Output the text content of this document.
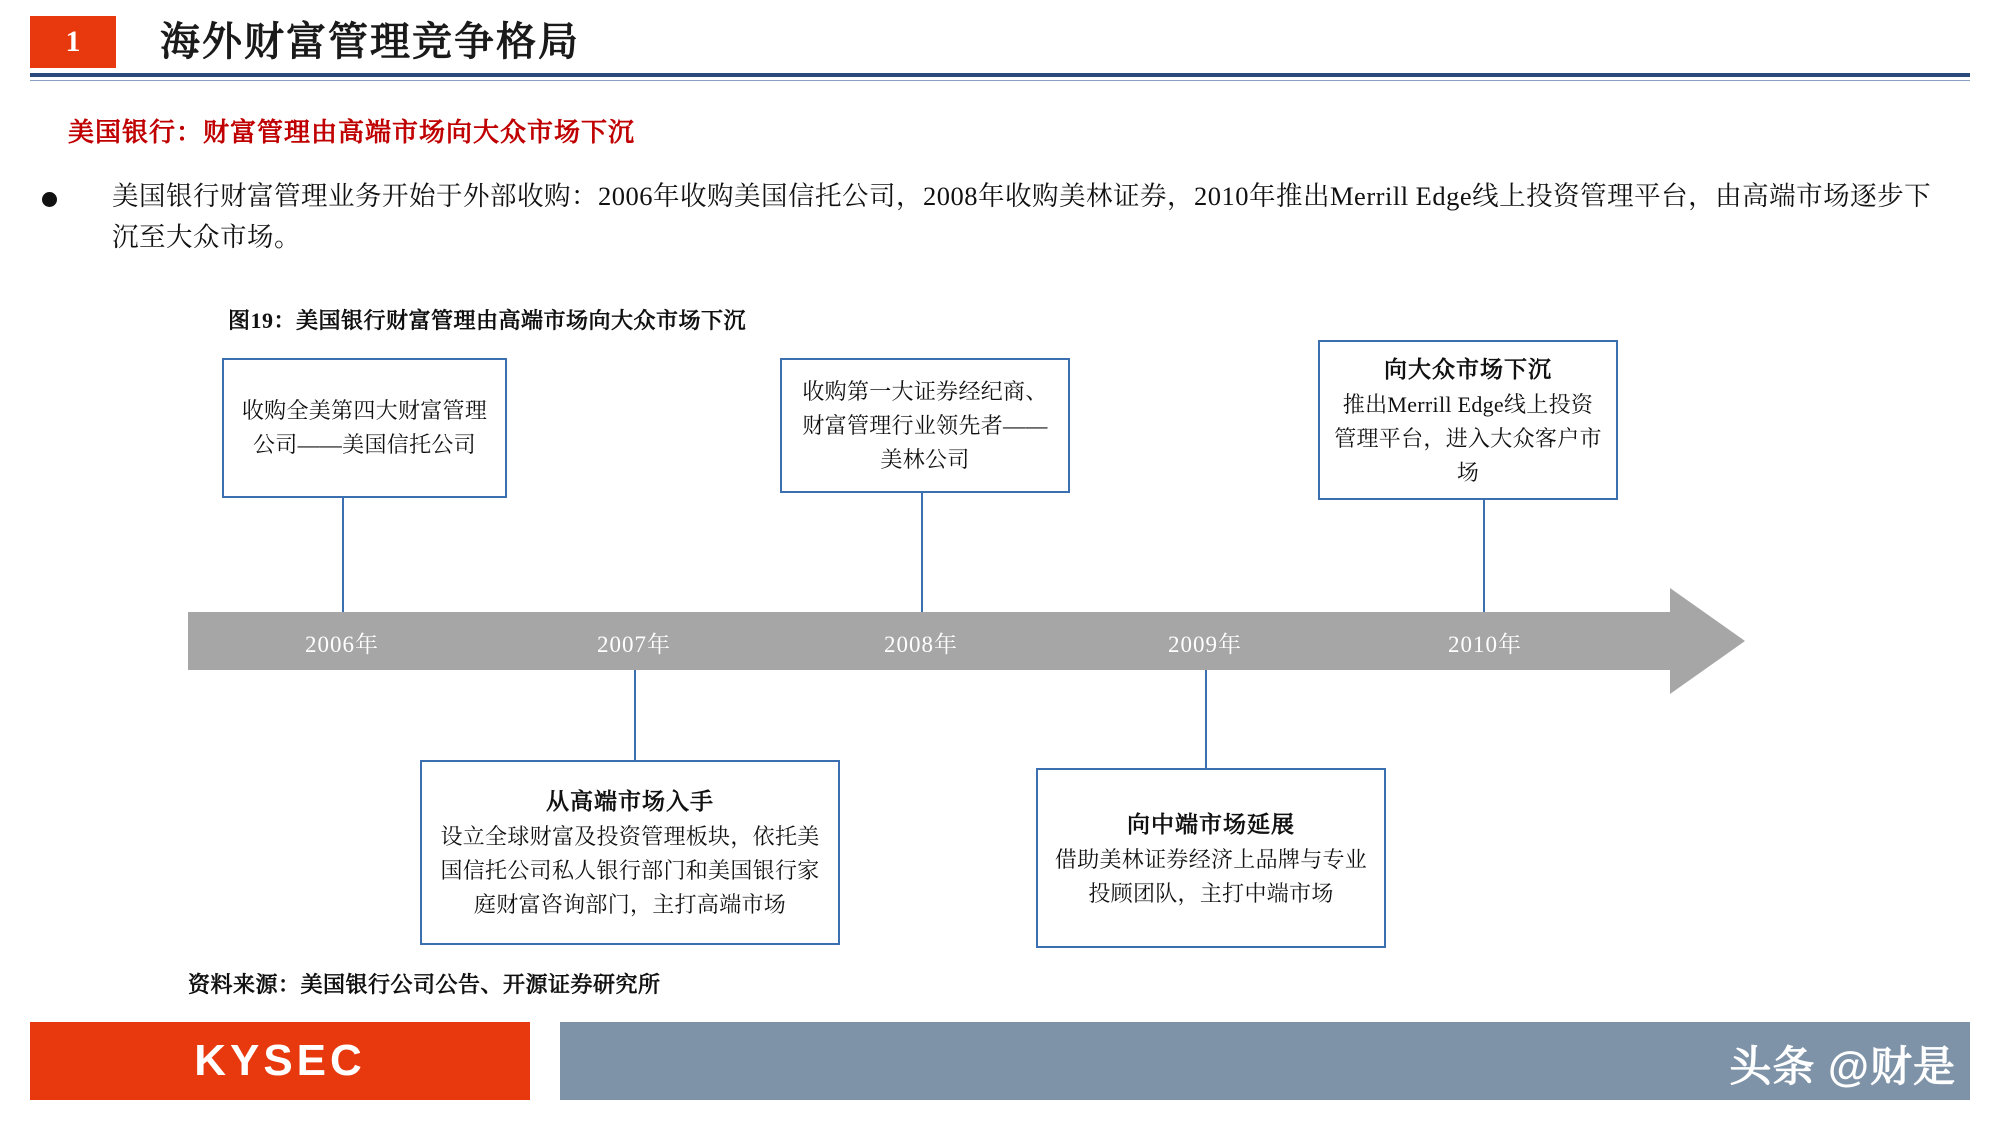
1 海外财富管理竞争格局
美国银行：财富管理由高端市场向大众市场下沉
美国银行财富管理业务开始于外部收购：2006年收购美国信托公司，2008年收购美林证券，2010年推出Merrill Edge线上投资管理平台，由高端市场逐步下沉至大众市场。
图19：美国银行财富管理由高端市场向大众市场下沉
2006年	2007年	2008年	2009年	2010年
收购全美第四大财富管理公司——美国信托公司
收购第一大证券经纪商、财富管理行业领先者——美林公司
向大众市场下沉
推出Merrill Edge线上投资管理平台，进入大众客户市场
从高端市场入手
设立全球财富及投资管理板块，依托美国信托公司私人银行部门和美国银行家庭财富咨询部门，主打高端市场
向中端市场延展
借助美林证券经济上品牌与专业投顾团队，主打中端市场
资料来源：美国银行公司公告、开源证券研究所
KYSEC	头条 @财是
